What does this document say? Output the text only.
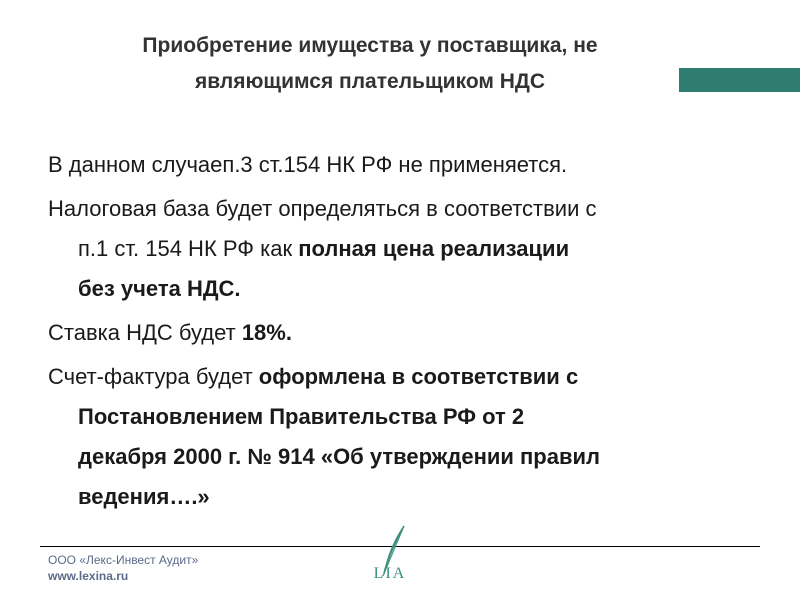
Приобретение имущества у поставщика, не
являющимся плательщиком НДС
В данном случаеп.3 ст.154 НК РФ не применяется.
Налоговая база будет определяться в соответствии с
п.1 ст. 154 НК РФ как полная цена реализации
без учета НДС.
Ставка НДС будет 18%.
Счет-фактура будет оформлена в соответствии с
Постановлением Правительства РФ от 2
декабря 2000 г. № 914 «Об утверждении правил
ведения….»
ООО «Лекс-Инвест Аудит»
www.lexina.ru	LIA
